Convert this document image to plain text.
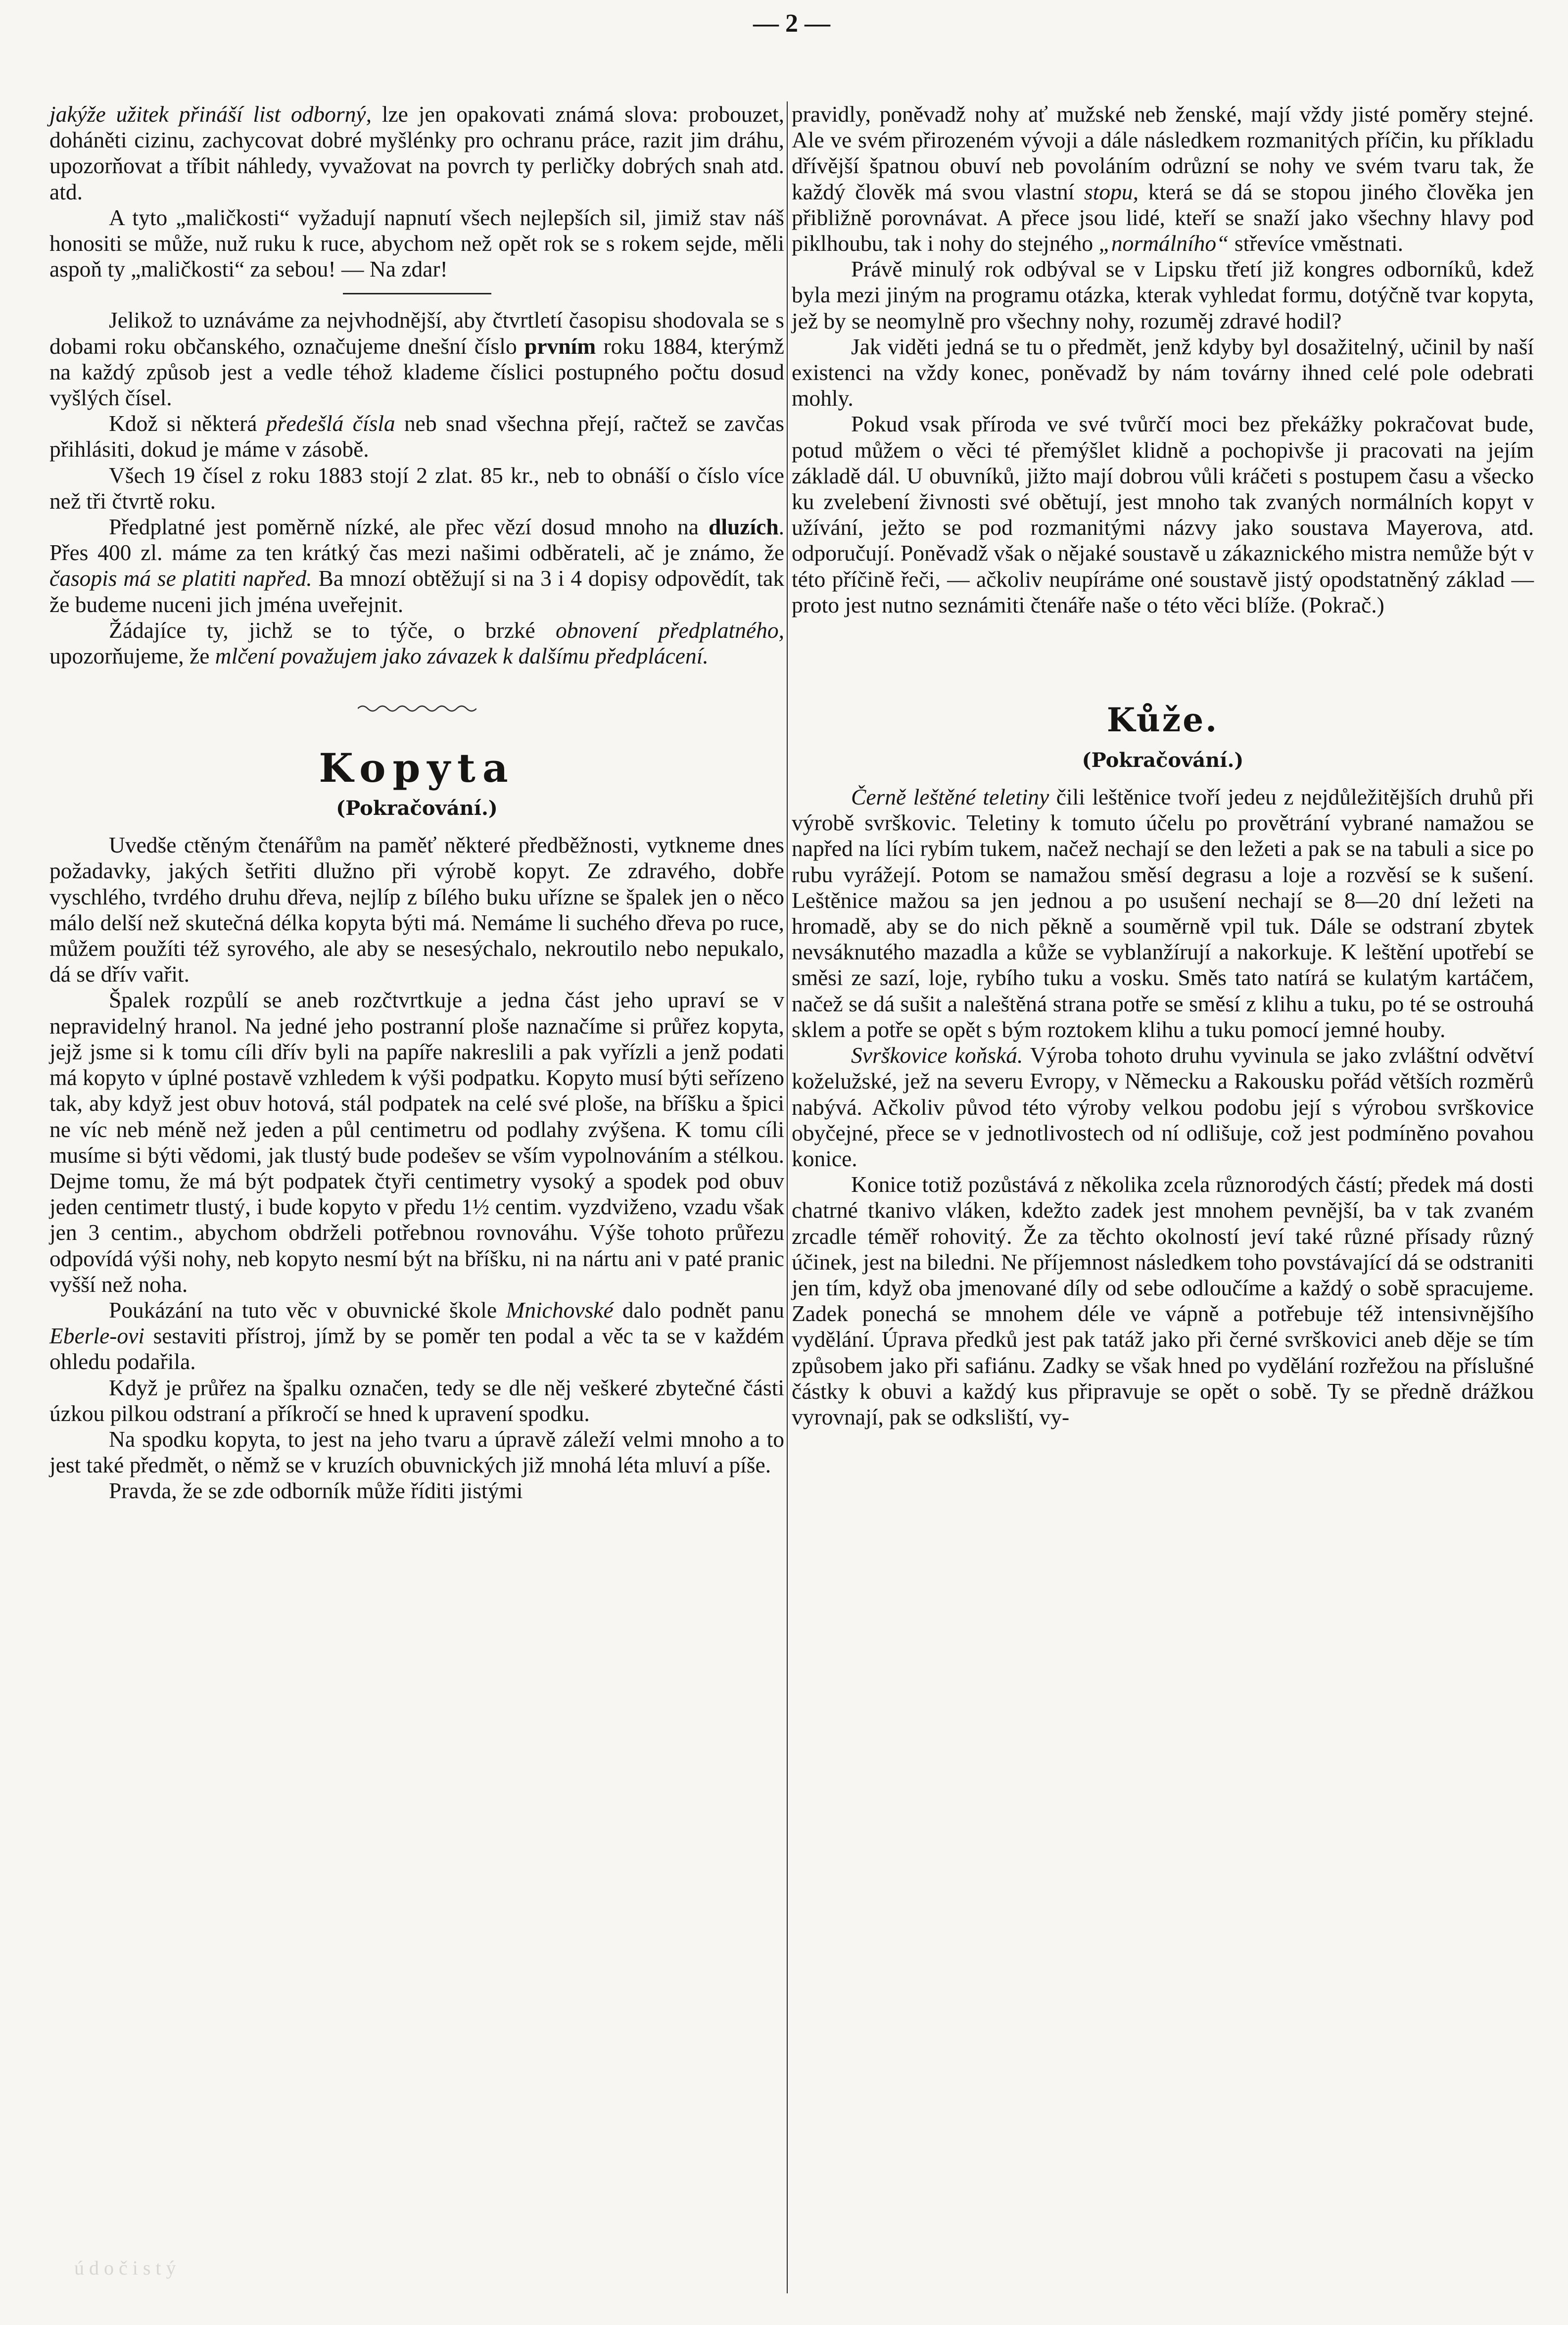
— 2 —

jakýže užitek přináší list odborný, lze jen opakovati známá slova: probouzet, doháněti cizinu, zachycovat dobré myšlénky pro ochranu práce, razit jim dráhu, upozorňovat a tříbit náhledy, vyvažovat na povrch ty perličky dobrých snah atd. atd.

A tyto „maličkosti“ vyžadují napnutí všech nejlepších sil, jimiž stav náš honositi se může, nuž ruku k ruce, abychom než opět rok se s rokem sejde, měli aspoň ty „maličkosti“ za sebou! — Na zdar!

Jelikož to uznáváme za nejvhodnější, aby čtvrtletí časopisu shodovala se s dobami roku občanského, označujeme dnešní číslo prvním roku 1884, kterýmž na každý způsob jest a vedle téhož klademe číslici postupného počtu dosud vyšlých čísel.

Kdož si některá předešlá čísla neb snad všechna přejí, račtež se zavčas přihlásiti, dokud je máme v zásobě.

Všech 19 čísel z roku 1883 stojí 2 zlat. 85 kr., neb to obnáší o číslo více než tři čtvrtě roku.

Předplatné jest poměrně nízké, ale přec vězí dosud mnoho na dluzích. Přes 400 zl. máme za ten krátký čas mezi našimi odběrateli, ač je známo, že časopis má se platiti napřed. Ba mnozí obtěžují si na 3 i 4 dopisy odpovědít, tak že budeme nuceni jich jména uveřejnit.

Žádajíce ty, jichž se to týče, o brzké obnovení předplatného, upozorňujeme, že mlčení považujem jako závazek k dalšímu předplácení.

Kopyta
(Pokračování.)

Uvedše ctěným čtenářům na paměť některé předběžnosti, vytkneme dnes požadavky, jakých šetřiti dlužno při výrobě kopyt. Ze zdravého, dobře vyschlého, tvrdého druhu dřeva, nejlíp z bílého buku uřízne se špalek jen o něco málo delší než skutečná délka kopyta býti má. Nemáme li suchého dřeva po ruce, můžem použíti též syrového, ale aby se nesesýchalo, nekroutilo nebo nepukalo, dá se dřív vařit.

Špalek rozpůlí se aneb rozčtvrtkuje a jedna část jeho upraví se v nepravidelný hranol. Na jedné jeho postranní ploše naznačíme si průřez kopyta, jejž jsme si k tomu cíli dřív byli na papíře nakreslili a pak vyřízli a jenž podati má kopyto v úplné postavě vzhledem k výši podpatku. Kopyto musí býti seřízeno tak, aby když jest obuv hotová, stál podpatek na celé své ploše, na bříšku a špici ne víc neb méně než jeden a půl centimetru od podlahy zvýšena. K tomu cíli musíme si býti vědomi, jak tlustý bude podešev se vším vypolnováním a stélkou. Dejme tomu, že má být podpatek čtyři centimetry vysoký a spodek pod obuv jeden centimetr tlustý, i bude kopyto v předu 1½ centim. vyzdviženo, vzadu však jen 3 centim., abychom obdrželi potřebnou rovnováhu. Výše tohoto průřezu odpovídá výši nohy, neb kopyto nesmí být na bříšku, ni na nártu ani v paté pranic vyšší než noha.

Poukázání na tuto věc v obuvnické škole Mnichovské dalo podnět panu Eberle-ovi sestaviti přístroj, jímž by se poměr ten podal a věc ta se v každém ohledu podařila.

Když je průřez na špalku označen, tedy se dle něj veškeré zbytečné části úzkou pilkou odstraní a příkročí se hned k upravení spodku.

Na spodku kopyta, to jest na jeho tvaru a úpravě záleží velmi mnoho a to jest také předmět, o němž se v kruzích obuvnických již mnohá léta mluví a píše.

Pravda, že se zde odborník může říditi jistými

pravidly, poněvadž nohy ať mužské neb ženské, mají vždy jisté poměry stejné. Ale ve svém přirozeném vývoji a dále následkem rozmanitých příčin, ku příkladu dřívější špatnou obuví neb povoláním odrůzní se nohy ve svém tvaru tak, že každý člověk má svou vlastní stopu, která se dá se stopou jiného člověka jen přibližně porovnávat. A přece jsou lidé, kteří se snaží jako všechny hlavy pod piklhoubu, tak i nohy do stejného „normálního“ střevíce vměstnati.

Právě minulý rok odbýval se v Lipsku třetí již kongres odborníků, kdež byla mezi jiným na programu otázka, kterak vyhledat formu, dotýčně tvar kopyta, jež by se neomylně pro všechny nohy, rozuměj zdravé hodil?

Jak viděti jedná se tu o předmět, jenž kdyby byl dosažitelný, učinil by naší existenci na vždy konec, poněvadž by nám továrny ihned celé pole odebrati mohly.

Pokud vsak příroda ve své tvůrčí moci bez překážky pokračovat bude, potud můžem o věci té přemýšlet klidně a pochopivše ji pracovati na jejím základě dál. U obuvníků, jižto mají dobrou vůli kráčeti s postupem času a všecko ku zvelebení živnosti své obětují, jest mnoho tak zvaných normálních kopyt v užívání, ježto se pod rozmanitými názvy jako soustava Mayerova, atd. odporučují. Poněvadž však o nějaké soustavě u zákaznického mistra nemůže být v této příčině řeči, — ačkoliv neupíráme oné soustavě jistý opodstatněný základ — proto jest nutno seznámiti čtenáře naše o této věci blíže. (Pokrač.)

Kůže.
(Pokračování.)

Černě leštěné teletiny čili leštěnice tvoří jedeu z nejdůležitějších druhů při výrobě svrškovic. Teletiny k tomuto účelu po provětrání vybrané namažou se napřed na líci rybím tukem, načež nechají se den ležeti a pak se na tabuli a sice po rubu vyrážejí. Potom se namažou směsí degrasu a loje a rozvěsí se k sušení. Leštěnice mažou sa jen jednou a po usušení nechají se 8—20 dní ležeti na hromadě, aby se do nich pěkně a souměrně vpil tuk. Dále se odstraní zbytek nevsáknutého mazadla a kůže se vyblanžírují a nakorkuje. K leštění upotřebí se směsi ze sazí, loje, rybího tuku a vosku. Směs tato natírá se kulatým kartáčem, načež se dá sušit a naleštěná strana potře se směsí z klihu a tuku, po té se ostrouhá sklem a potře se opět s bým roztokem klihu a tuku pomocí jemné houby.

Svrškovice koňská. Výroba tohoto druhu vyvinula se jako zvláštní odvětví koželužské, jež na severu Evropy, v Německu a Rakousku pořád větších rozměrů nabývá. Ačkoliv původ této výroby velkou podobu její s výrobou svrškovice obyčejné, přece se v jednotlivostech od ní odlišuje, což jest podmíněno povahou konice.

Konice totiž pozůstává z několika zcela různorodých částí; předek má dosti chatrné tkanivo vláken, kdežto zadek jest mnohem pevnější, ba v tak zvaném zrcadle téměř rohovitý. Že za těchto okolností jeví také různé přísady různý účinek, jest na biledni. Ne příjemnost následkem toho povstávající dá se odstraniti jen tím, když oba jmenované díly od sebe odloučíme a každý o sobě spracujeme. Zadek ponechá se mnohem déle ve vápně a potřebuje též intensivnějšího vydělání. Úprava předků jest pak tatáž jako při černé svrškovici aneb děje se tím způsobem jako při safiánu. Zadky se však hned po vydělání rozřežou na příslušné částky k obuvi a každý kus připravuje se opět o sobě. Ty se předně drážkou vyrovnají, pak se odksliští, vy-

ú d o č i s t ý
